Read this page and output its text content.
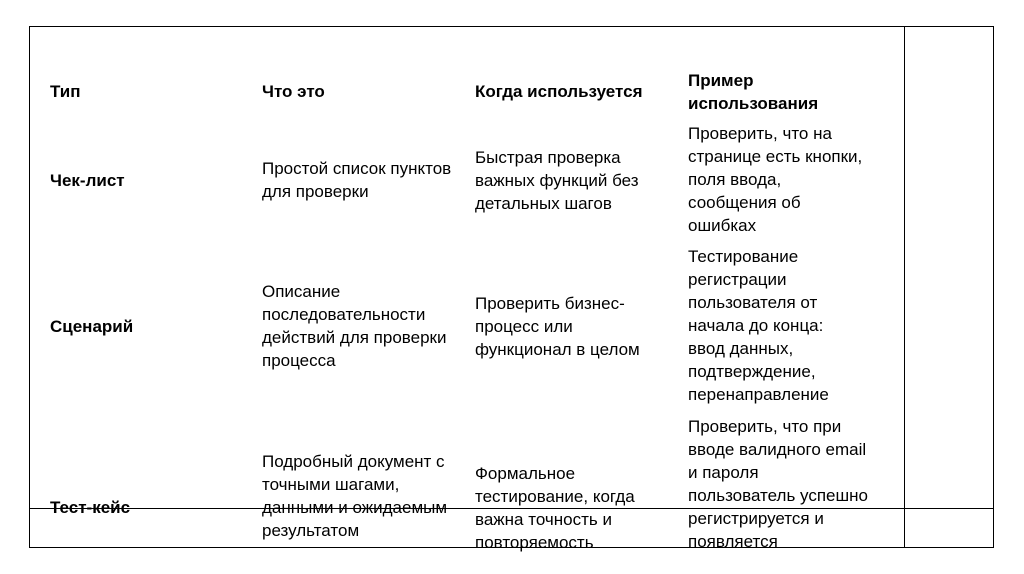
Тип	Что это	Когда используется
Пример использования
Чек-лист
Простой список пунктов для проверки
Быстрая проверка важных функций без детальных шагов
Проверить, что на странице есть кнопки, поля ввода, сообщения об ошибках
Сценарий
Описание последовательности действий для проверки процесса
Проверить бизнес-процесс или функционал в целом
Тестирование регистрации пользователя от начала до конца: ввод данных, подтверждение, перенаправление
Тест-кейс
Подробный документ с точными шагами, данными и ожидаемым результатом
Формальное тестирование, когда важна точность и повторяемость
Проверить, что при вводе валидного email и пароля пользователь успешно регистрируется и появляется
